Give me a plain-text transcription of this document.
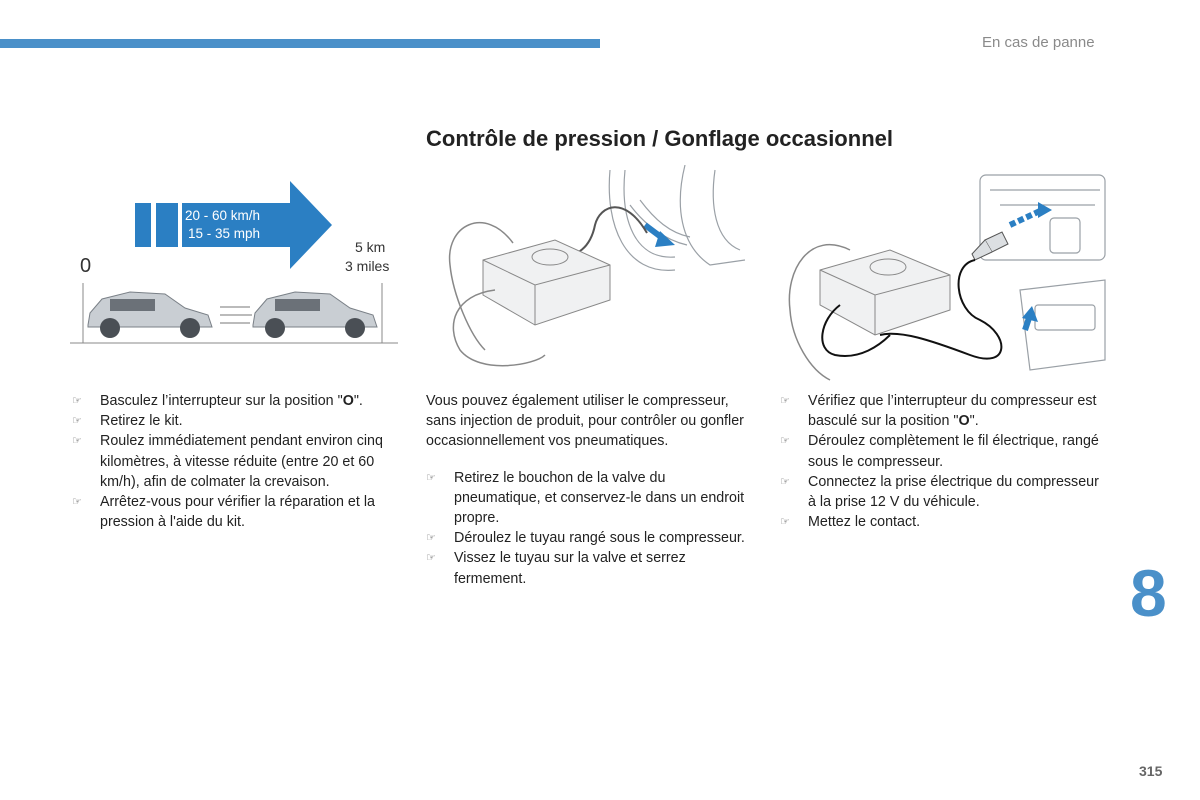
En cas de panne
Contrôle de pression / Gonflage occasionnel
20 - 60 km/h
15 - 35 mph
5 km
3 miles
0
☞ Basculez l’interrupteur sur la position "O".
☞ Retirez le kit.
☞ Roulez immédiatement pendant environ cinq kilomètres, à vitesse réduite (entre 20 et 60 km/h), afin de colmater la crevaison.
☞ Arrêtez-vous pour vérifier la réparation et la pression à l'aide du kit.

Vous pouvez également utiliser le compresseur, sans injection de produit, pour contrôler ou gonfler occasionnellement vos pneumatiques.

☞ Retirez le bouchon de la valve du pneumatique, et conservez-le dans un endroit propre.
☞ Déroulez le tuyau rangé sous le compresseur.
☞ Vissez le tuyau sur la valve et serrez fermement.
☞ Vérifiez que l’interrupteur du compresseur est basculé sur la position "O".
☞ Déroulez complètement le fil électrique, rangé sous le compresseur.
☞ Connectez la prise électrique du compresseur à la prise 12 V du véhicule.
☞ Mettez le contact.
8
315
